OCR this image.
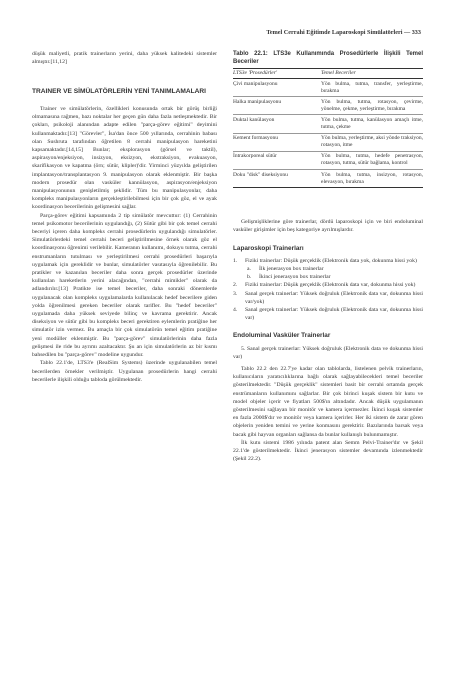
Temel Cerrahi Eğitimde Laparoskopi Simülatörleri — 333

düşük maliyetli, pratik trainerların yerini, daha yüksek kalitedeki sistemler almıştır.[11,12]

TRAINER VE SİMÜLATÖRLERİN YENİ TANIMLAMALARI

Trainer ve simülatörlerin, özellikleri konusunda ortak bir görüş birliği olmamasına rağmen, bazı noktalar her geçen gün daha fazla netleşmektedir. Bir çokları, psikoloji alanından adapte edilen "parça-görev eğitimi" deyimini kullanmaktadır.[13] "Görevler", İsa'dan önce 500 yıllarında, cerrahinin babası olan Sushruta tarafından öğretilen 8 cerrahi manipulasyon hareketini kapsamaktadır.[14,15] Bunlar; eksplorasyon (görsel ve taktil), aspirasyon/enjeksiyon, insizyon, eksizyon, ekstraksiyon, evakuasyon, skarifikasyon ve kapatma (örn; sütür, klipler)'dir. Yirminci yüzyılda geliştirilen implantasyon/transplantasyon 9. manipulasyon olarak eklenmiştir. Bir başka modern prosedür olan vasküler kannülasyon, aspirasyon/enjeksiyon manipulasyonunun genişletilmiş şeklidir. Tüm bu manipulasyonlar, daha kompleks manipulasyonların gerçekleştirilebilmesi için bir çok göz, el ve ayak koordinasyon becerilerinin gelişmesini sağlar.

Parça-görev eğitimi kapsamında 2 tip simülatör mevcuttur: (1) Cerrahinin temel psikomotor becerilerinin uygulandığı, (2) Sütür gibi bir çok temel cerrahi beceriyi içeren daha kompleks cerrahi prosedürlerin uygulandığı simulatörler. Simulatörlerdeki temel cerrahi beceri geliştirilmesine örnek olarak göz el koordinasyonu öğrenimi verilebilir. Kameranın kullanımı, dokuyu tutma, cerrahi enstrumanların tutulması ve yerleştirilmesi cerrahi prosedürleri başarıyla uygulamak için gereklidir ve bunlar, simulatörler vasıtasıyla öğrenilebilir. Bu pratikler ve kazanılan beceriler daha sonra gerçek prosedürler üzerinde kullanılan hareketlerin yerini alacağından, "cerrahi mimikler" olarak da adlandırılır.[13] Pratikte ise temel beceriler, daha sonraki dönemlerde uygulanacak olan kompleks uygulamalarda kullanılacak hedef becerilere giden yolda öğrenilmesi gereken beceriler olarak tarifler. Bu "hedef beceriler" uygulamada daha yüksek seviyede bilinç ve kavrama gerektirir. Ancak diseksiyon ve sütür gibi bu kompleks beceri gerektiren eylemlerin pratiğine her simulatör izin vermez. Bu amaçla bir çok simulatörün temel eğitim pratiğine yeni modüller eklenmiştir. Bu "parça-görev" simulatörlerinin daha fazla gelişmesi ile ride bu ayrımı azaltacaktır. Şu an için simulatörlerin az bir kısmı bahsedilen bu "parça-görev" modeline uygundur.

Tablo 22.1'de, LTS3'e (RealSim Systems) üzerinde uygulanabilen temel becerilerden örnekler verilmiştir. Uygulanan prosedürlerin hangi cerrahi becerilerle ilişkili olduğu tabloda görülmektedir.

Tablo 22.1: LTS3e Kullanımında Prosedürlerle İlişkili Temel Beceriler
LTS3e 'Prosedürler'	Temel Beceriler
Çivi manipulasyonu	Yön bulma, tutma, transfer, yerleştirme, bırakma
Halka manipulasyonu	Yön bulma, tutma, rotasyon, çevirme, yönelme, çekme, yerleştirme, bırakma
Duktal kanülasyon	Yön bulma, tutma, kanülasyon amaçlı itme, tutma, çekme
Kement formasyonu	Yön bulma, yerleştirme, aksi yönde traksiyon, rotasyon, itme
İntrakorporeal sütür	Yön bulma, tutma, hedefe penetrasyon, rotasyon, tutma, sütür bağlama, kontrol
Doku "disk" diseksiyonu	Yön bulma, tutma, insizyon, rotasyon, elevasyon, bırakma

Gelişmişliklerine göre trainerlar, dördü laparoskopi için ve biri endoluminal vasküler girişimler için beş kategoriye ayrılmışlardır.

Laparoskopi Trainerları
1.	Fiziki trainerlar: Düşük gerçeklik (Elektronik data yok, dokunma hissi yok)
a.	İlk jenerasyon box trainerlar
b.	İkinci jenerasyon box trainerlar
2.	Fiziki trainerlar: Düşük gerçeklik (Elektronik data var, dokunma hissi yok)
3.	Sanal gerçek trainerlar: Yüksek doğruluk (Elektronik data var, dokunma hissi var/yok)
4.	Sanal gerçek trainerlar: Yüksek doğruluk (Elektronik data var, dokunma hissi var)
Endoluminal Vasküler Trainerlar

5. Sanal gerçek trainerlar: Yüksek doğruluk (Elektronik data ve dokunma hissi var)

Tablo 22.2 den 22.7'ye kadar olan tablolarda, listelenen pelvik trainerların, kullanıcıların yaratıcılıklarına bağlı olarak sağlayabilecekleri temel beceriler gösterilmektedir. "Düşük gerçeklik" sistemleri basit bir cerrahi ortamda gerçek enstrümanların kullanımını sağlarlar. Bir çok birinci kuşak sistem bir kutu ve model objeler içerir ve fiyatları 500$'ın altındadır. Ancak düşük uygulamanın gösterilmesini sağlayan bir monitör ve kamera içermezler. İkinci kuşak sistemler en fazla 2000$'dır ve monitör veya kamera içerirler. Her iki sistem de zarar gören objelerin yeniden temini ve yerine konmasını gerektirir. Bazılarında barsak veya bacak gibi hayvan organları sağlansa da bunlar kullanışlı bulunmamıştır.

İlk kutu sistemi 1986 yılında patent alan Semm Pelvi-Trainer'dır ve Şekil 22.1'de gösterilmektedir. İkinci jenerasyon sistemler devamında izlenmektedir (Şekil 22.2).
